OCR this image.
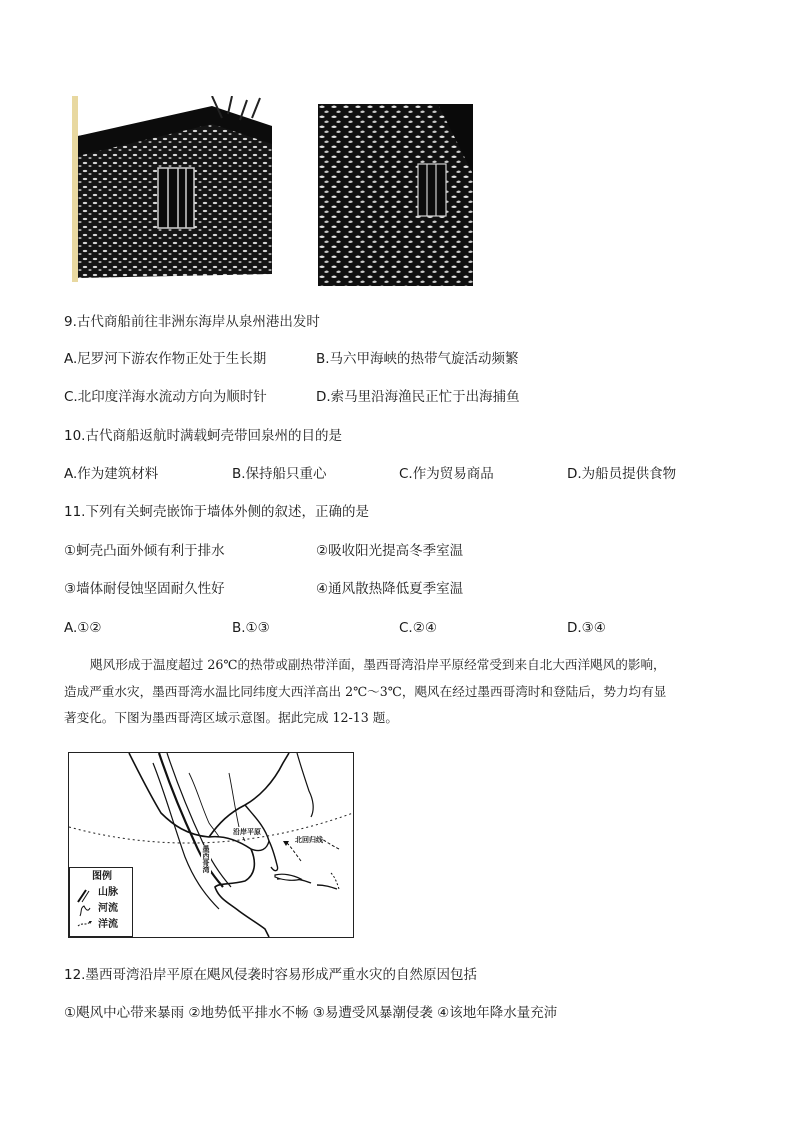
9.古代商船前往非洲东海岸从泉州港出发时
A.尼罗河下游农作物正处于生长期	B.马六甲海峡的热带气旋活动频繁
C.北印度洋海水流动方向为顺时针	D.索马里沿海渔民正忙于出海捕鱼
10.古代商船返航时满载蚵壳带回泉州的目的是
A.作为建筑材料	B.保持船只重心	C.作为贸易商品	D.为船员提供食物
11.下列有关蚵壳嵌饰于墙体外侧的叙述，正确的是
①蚵壳凸面外倾有利于排水	②吸收阳光提高冬季室温
③墙体耐侵蚀坚固耐久性好	④通风散热降低夏季室温
A.①②	B.①③	C.②④	D.③④
飓风形成于温度超过 26℃的热带或副热带洋面，墨西哥湾沿岸平原经常受到来自北大西洋飓风的影响，
造成严重水灾，墨西哥湾水温比同纬度大西洋高出 2℃～3℃，飓风在经过墨西哥湾时和登陆后，势力均有显
著变化。下图为墨西哥湾区域示意图。据此完成 12-13 题。
墨西哥湾
沿岸平原
北回归线
图例
山脉
河流
洋流
12.墨西哥湾沿岸平原在飓风侵袭时容易形成严重水灾的自然原因包括
①飓风中心带来暴雨 ②地势低平排水不畅 ③易遭受风暴潮侵袭 ④该地年降水量充沛
